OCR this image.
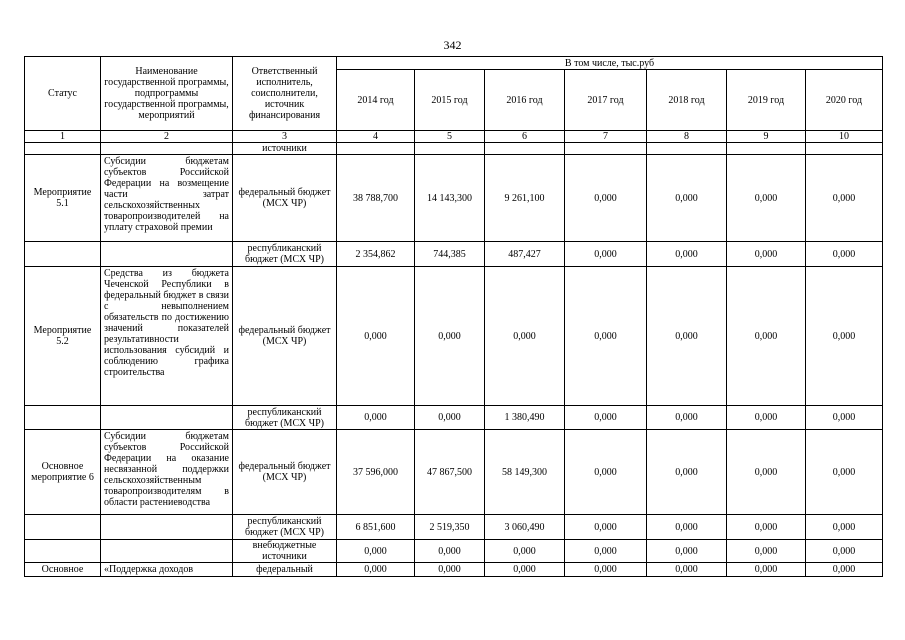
342
Статус	Наименование государственной программы, подпрограммы государственной программы, мероприятий	Ответственный исполнитель, соисполнители, источник финансирования	В том числе, тыс.руб						
			2014 год	2015 год	2016 год	2017 год	2018 год	2019 год	2020 год
1	2	3	4	5	6	7	8	9	10
		источники							
Мероприятие 5.1	Субсидии бюджетам субъектов Российской Федерации на возмещение части затрат сельскохозяйственных товаропроизводителей на уплату страховой премии	федеральный бюджет (МСХ ЧР)	38 788,700	14 143,300	9 261,100	0,000	0,000	0,000	0,000
		республиканский бюджет (МСХ ЧР)	2 354,862	744,385	487,427	0,000	0,000	0,000	0,000
Мероприятие 5.2	Средства из бюджета Чеченской Республики в федеральный бюджет в связи с невыполнением обязательств по достижению значений показателей результативности использования субсидий и соблюдению графика строительства	федеральный бюджет (МСХ ЧР)	0,000	0,000	0,000	0,000	0,000	0,000	0,000
		республиканский бюджет (МСХ ЧР)	0,000	0,000	1 380,490	0,000	0,000	0,000	0,000
Основное мероприятие 6	Субсидии бюджетам субъектов Российской Федерации на оказание несвязанной поддержки сельскохозяйственным товаропроизводителям в области растениеводства	федеральный бюджет (МСХ ЧР)	37 596,000	47 867,500	58 149,300	0,000	0,000	0,000	0,000
		республиканский бюджет (МСХ ЧР)	6 851,600	2 519,350	3 060,490	0,000	0,000	0,000	0,000
		внебюджетные источники	0,000	0,000	0,000	0,000	0,000	0,000	0,000
Основное	«Поддержка доходов	федеральный	0,000	0,000	0,000	0,000	0,000	0,000	0,000
